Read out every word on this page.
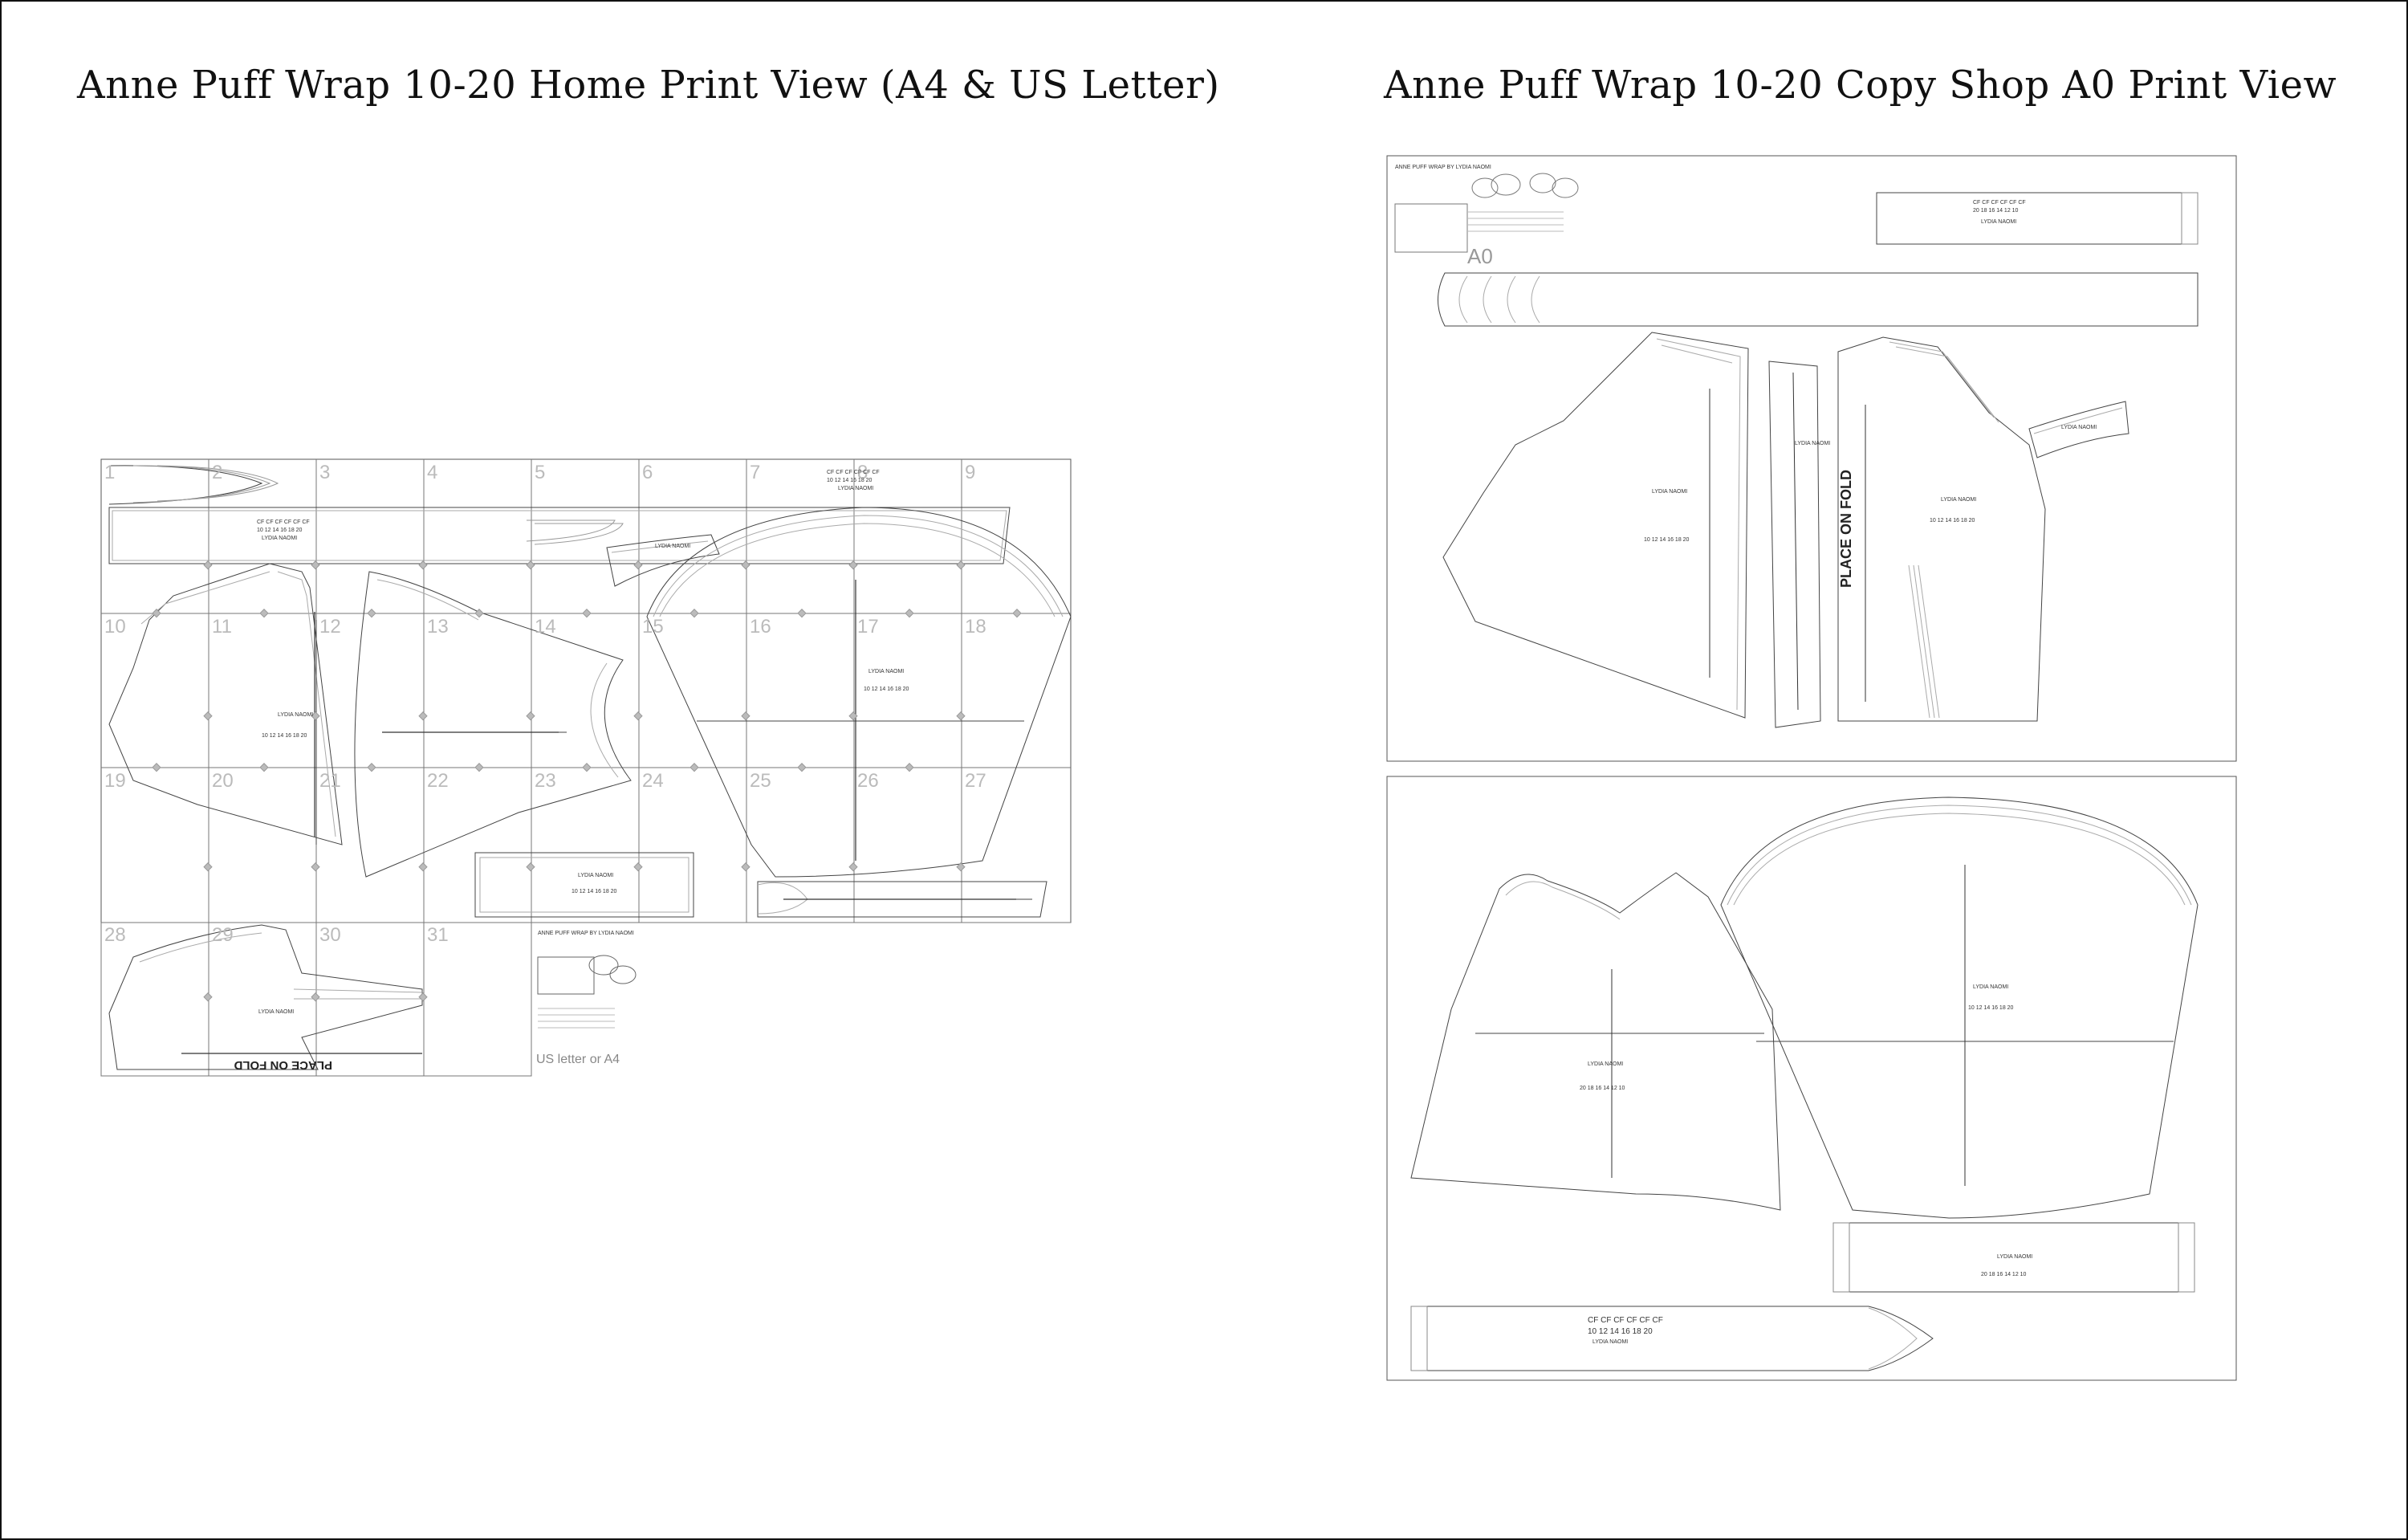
Anne Puff Wrap 10-20 Home Print View (A4 & US Letter)	Anne Puff Wrap 10-20 Copy Shop A0 Print View
1	2	3	4	5	6	7	8	9
10	11	12	13	14	15	16	17	18
19	20	21	22	23	24	25	26	27
28	29	30	31
CF CF CF CF CF CF
10 12 14 16 18 20
LYDIA NAOMI
CF CF CF CF CF CF
10 12 14 16 18 20
LYDIA NAOMI
LYDIA NAOMI
10 12 14 16 18 20
LYDIA NAOMI
10 12 14 16 18 20
LYDIA NAOMI
10 12 14 16 18 20
LYDIA NAOMI
ANNE PUFF WRAP BY LYDIA NAOMI
LYDIA NAOMI
PLACE ON FOLD	US letter or A4
A0
ANNE PUFF WRAP BY LYDIA NAOMI
CF CF CF CF CF CF
20 18 16 14 12 10
LYDIA NAOMI
LYDIA NAOMI
10 12 14 16 18 20
LYDIA NAOMI
LYDIA NAOMI
10 12 14 16 18 20
LYDIA NAOMI
PLACE ON FOLD
LYDIA NAOMI
20 18 16 14 12 10
LYDIA NAOMI
10 12 14 16 18 20
LYDIA NAOMI
20 18 16 14 12 10
CF CF CF CF CF CF
10 12 14 16 18 20
LYDIA NAOMI
